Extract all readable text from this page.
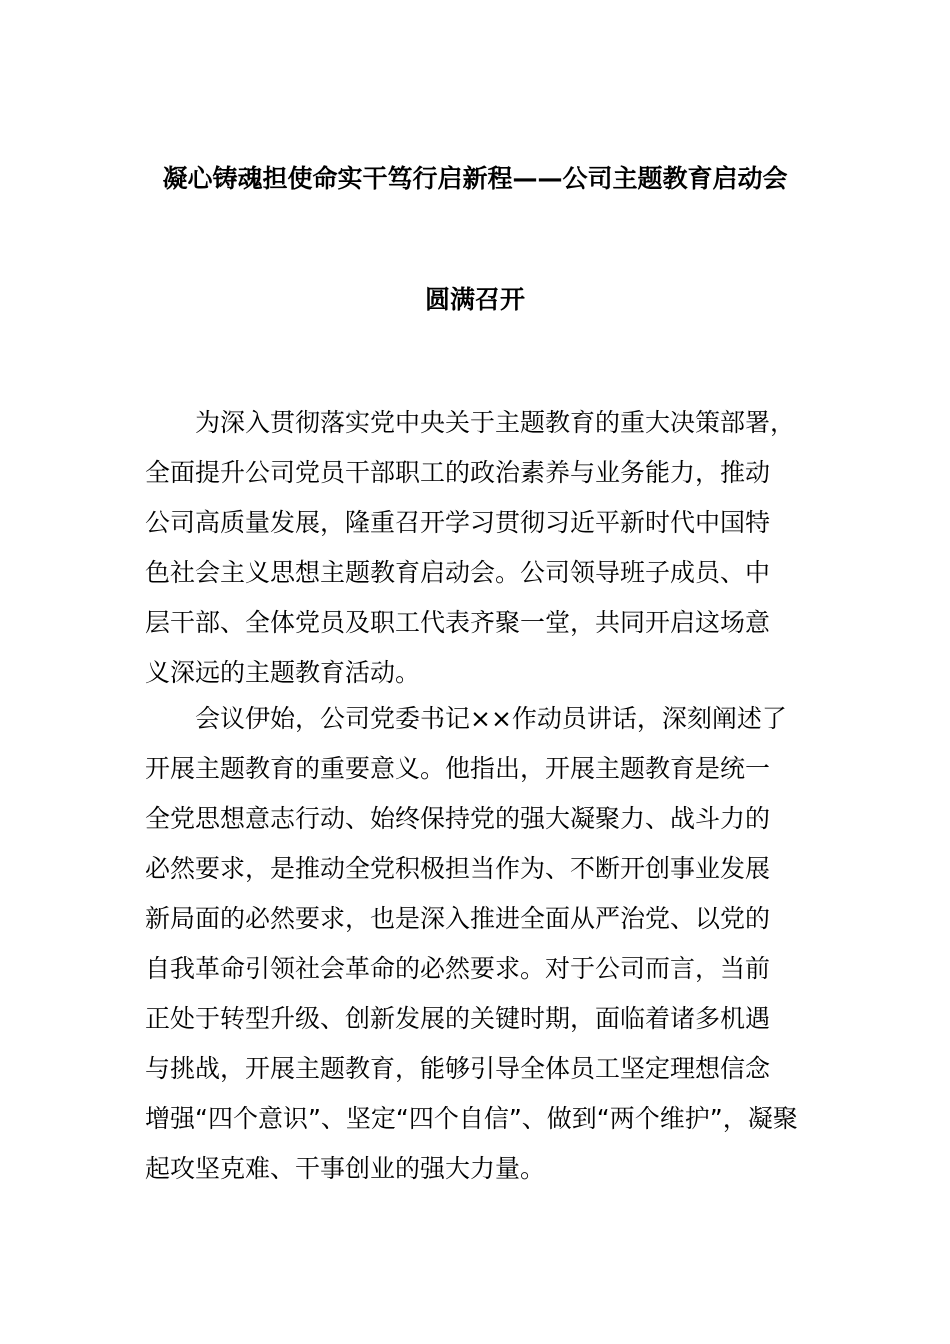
凝心铸魂担使命实干笃行启新程——公司主题教育启动会
圆满召开
为深入贯彻落实党中央关于主题教育的重大决策部署，
全面提升公司党员干部职工的政治素养与业务能力，推动
公司高质量发展，隆重召开学习贯彻习近平新时代中国特
色社会主义思想主题教育启动会。公司领导班子成员、中
层干部、全体党员及职工代表齐聚一堂，共同开启这场意
义深远的主题教育活动。
会议伊始，公司党委书记××作动员讲话，深刻阐述了
开展主题教育的重要意义。他指出，开展主题教育是统一
全党思想意志行动、始终保持党的强大凝聚力、战斗力的
必然要求，是推动全党积极担当作为、不断开创事业发展
新局面的必然要求，也是深入推进全面从严治党、以党的
自我革命引领社会革命的必然要求。对于公司而言，当前
正处于转型升级、创新发展的关键时期，面临着诸多机遇
与挑战，开展主题教育，能够引导全体员工坚定理想信念
增强“四个意识”、坚定“四个自信”、做到“两个维护”，凝聚
起攻坚克难、干事创业的强大力量。
